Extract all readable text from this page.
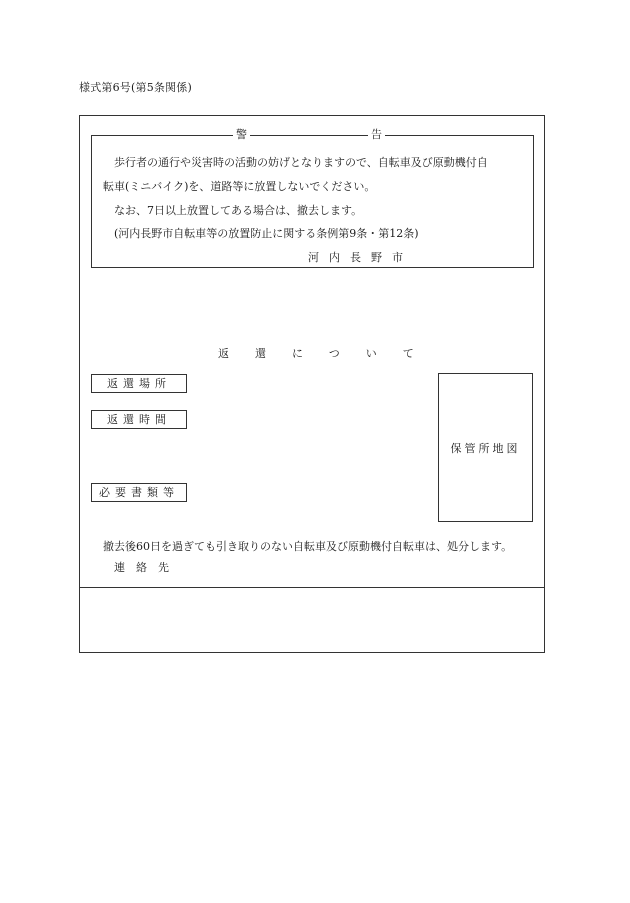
様式第6号(第5条関係)
警	告
歩行者の通行や災害時の活動の妨げとなりますので、自転車及び原動機付自
転車(ミニバイク)を、道路等に放置しないでください。
なお、7日以上放置してある場合は、撤去します。
(河内長野市自転車等の放置防止に関する条例第9条・第12条)
河内長野市
返還について
返還場所
返還時間
必要書類等
保管所地図
撤去後60日を過ぎても引き取りのない自転車及び原動機付自転車は、処分します。
連絡先
